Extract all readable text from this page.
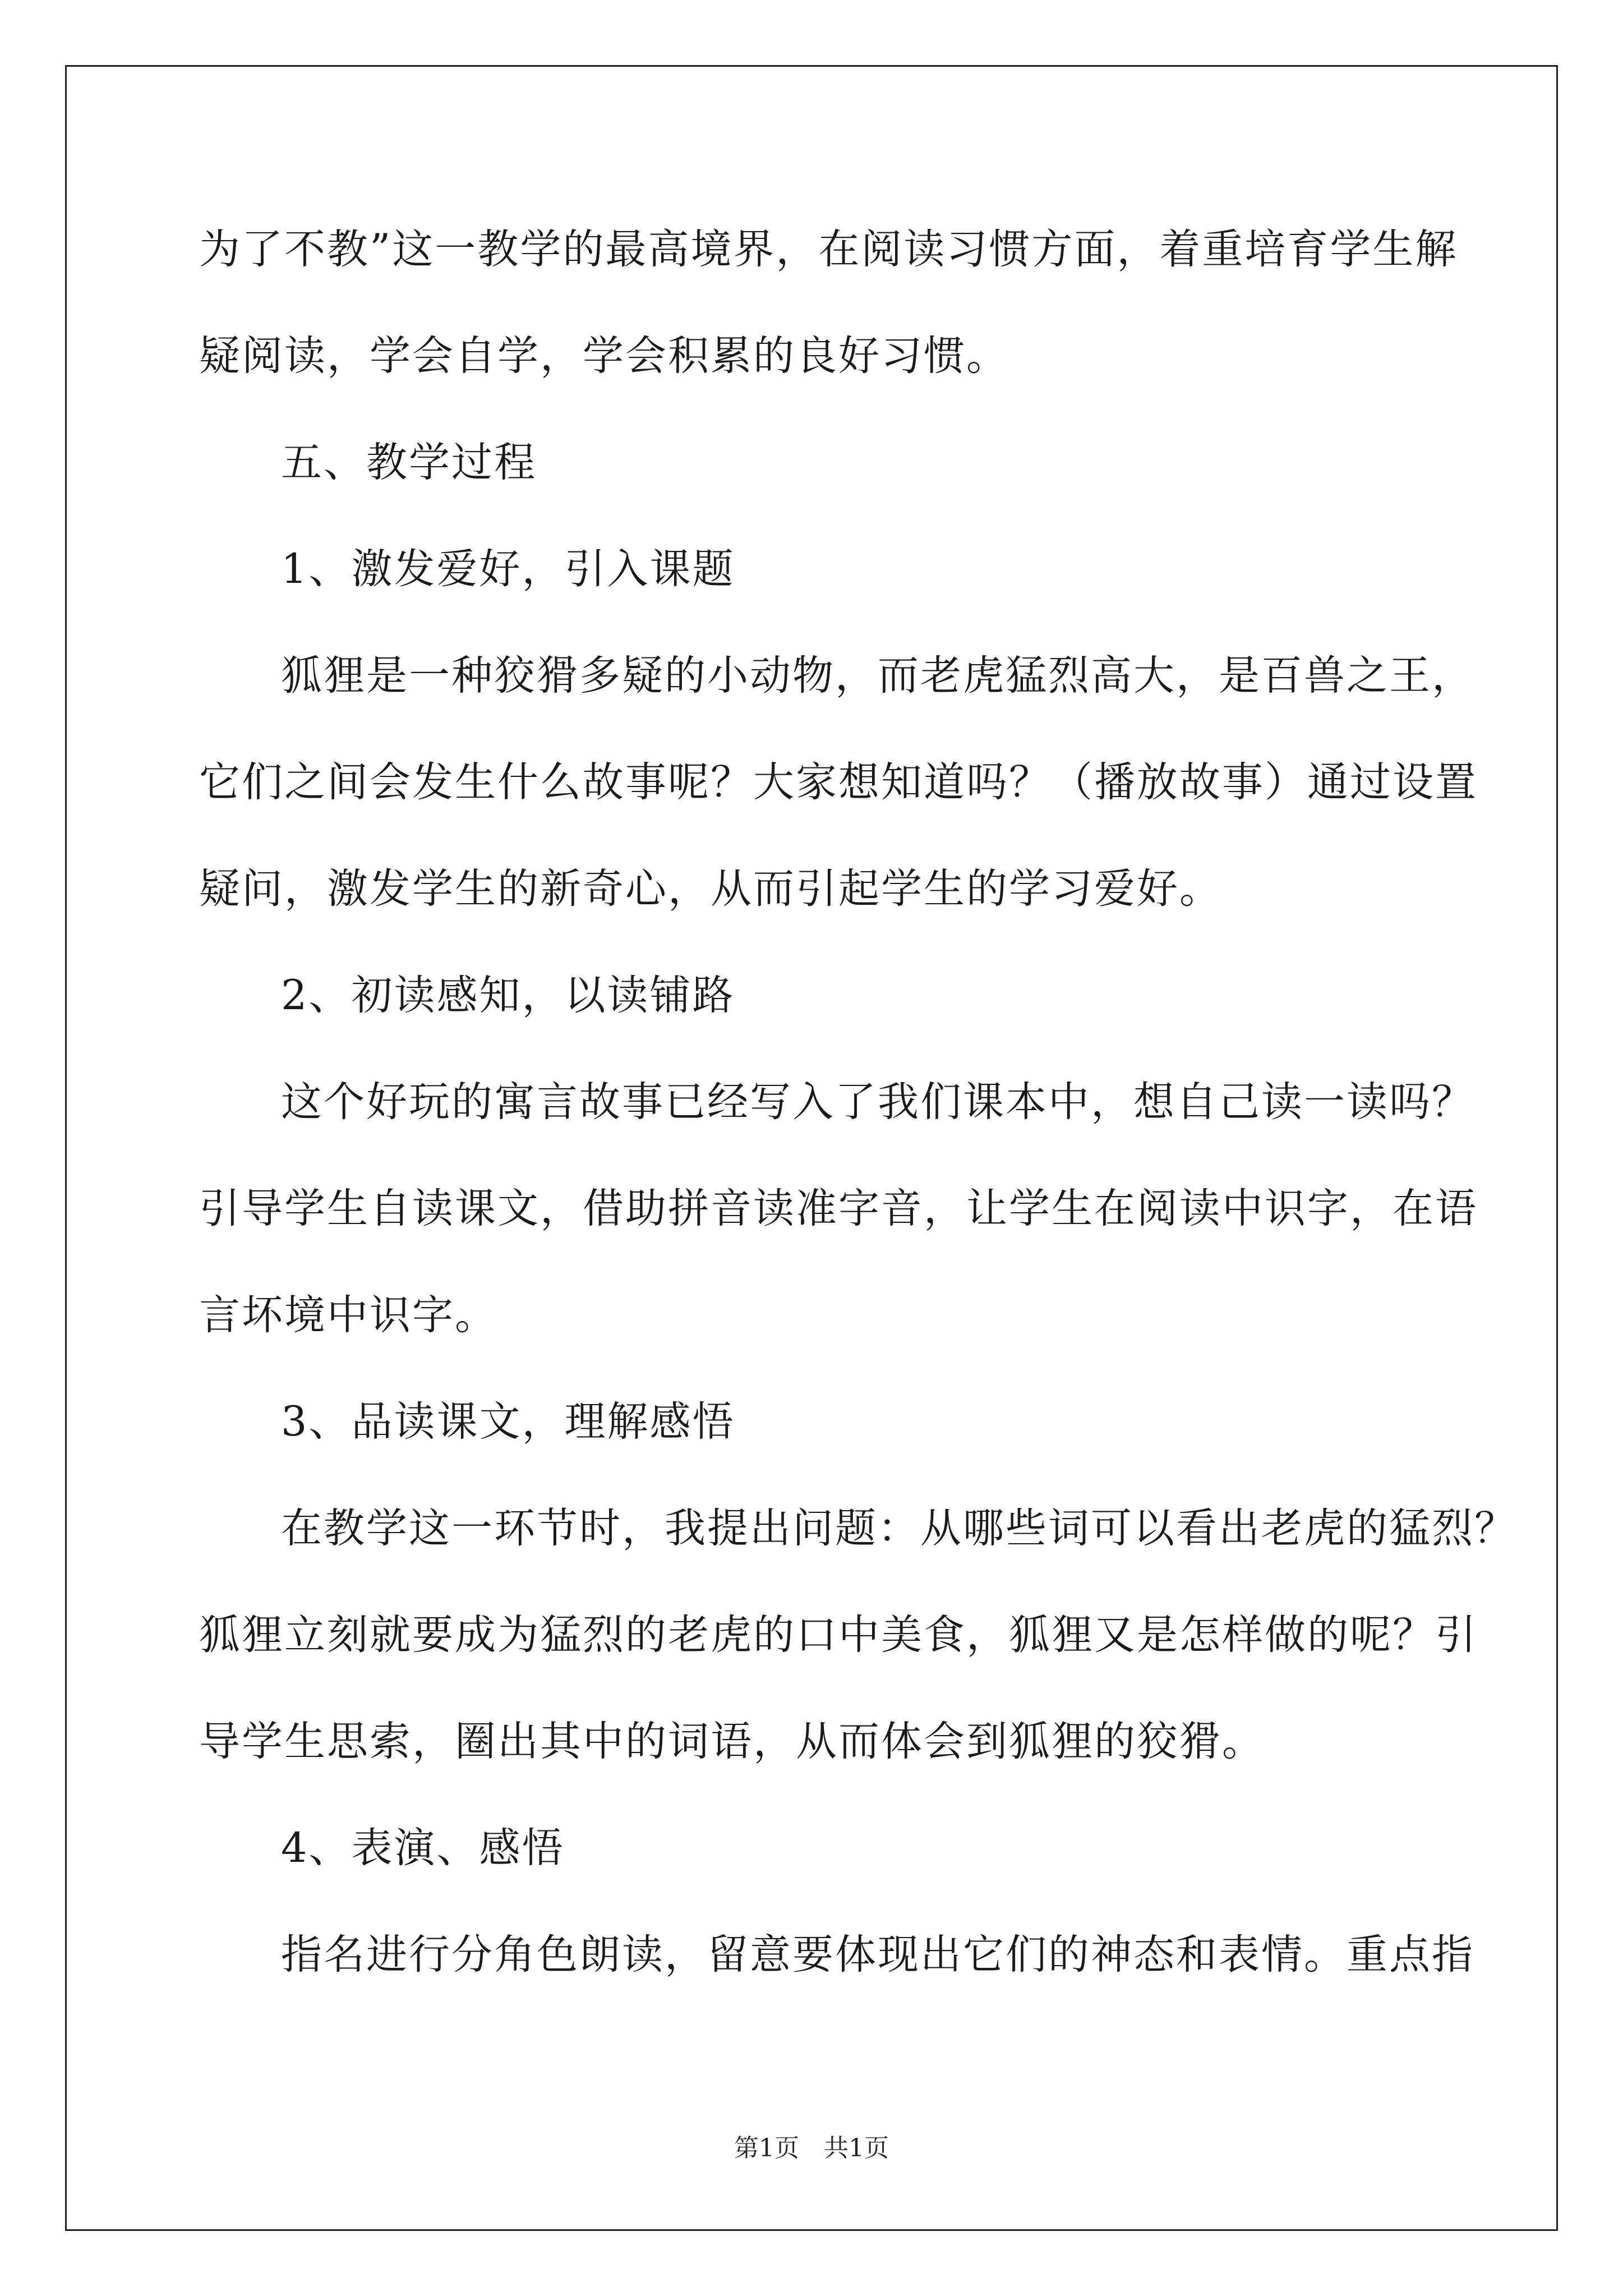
为了不教”这一教学的最高境界，在阅读习惯方面，着重培育学生解
疑阅读，学会自学，学会积累的良好习惯。
五、教学过程
1、激发爱好，引入课题
狐狸是一种狡猾多疑的小动物，而老虎猛烈高大，是百兽之王，
它们之间会发生什么故事呢？大家想知道吗？（播放故事）通过设置
疑问，激发学生的新奇心，从而引起学生的学习爱好。
2、初读感知，以读铺路
这个好玩的寓言故事已经写入了我们课本中，想自己读一读吗？
引导学生自读课文，借助拼音读准字音，让学生在阅读中识字，在语
言坏境中识字。
3、品读课文，理解感悟
在教学这一环节时，我提出问题：从哪些词可以看出老虎的猛烈？
狐狸立刻就要成为猛烈的老虎的口中美食，狐狸又是怎样做的呢？引
导学生思索，圈出其中的词语，从而体会到狐狸的狡猾。
4、表演、感悟
指名进行分角色朗读，留意要体现出它们的神态和表情。重点指
第1页　共1页
